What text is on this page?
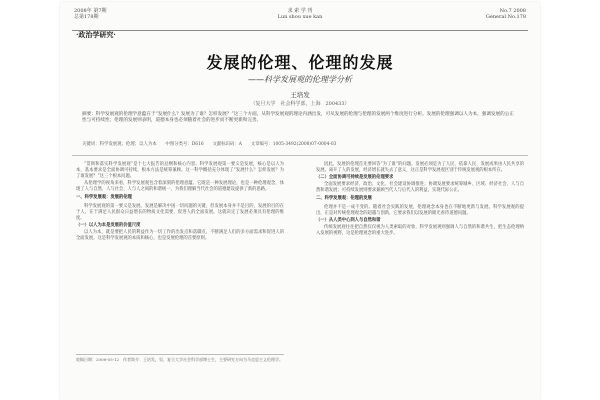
2008年 第7期
总第178期
求 索 学 刊
Lun shou xue kan
No.7 2008
General No.178
·政治学研究·
发展的伦理、伦理的发展
——科学发展观的伦理学分析
王培发
（复旦大学　社会科学部，上海　200433）
摘要：科学发展观的伦理学意蕴在于“发展什么？发展为了谁？怎样发展？”这三个方面。从科学发展观的理论内涵出发，可从发展的伦理与伦理的发展两个维度进行分析。发展的伦理强调以人为本，强调发展的公正性与可持续性；伦理的发展则表明，道德本身也必须随着社会的进步而不断更新和完善。
关键词：科学发展观；伦理；以人为本　　中图分类号：D616　　文献标识码：A　　文章编号：1005-3492(2008)07-0004-03

“贯彻和落实科学发展观”是十七大报告的总纲和核心内容。科学发展观第一要义是发展，核心是以人为本，基本要求是全面协调可持续，根本方法是统筹兼顾。这一科学概括充分体现了“发展什么？怎样发展？为了谁发展？”这三个根本问题。

从伦理学的视角来看，科学发展观包含着深刻的伦理意蕴。它既是一种发展理论，也是一种伦理观念，体现了人与自然、人与社会、人与人之间的和谐统一，为我们理解当代社会的道德建设提供了新的思路。

一、科学发展观：发展的伦理

科学发展观的第一要义是发展。发展是解决中国一切问题的关键，但发展本身并不是目的，发展的目的在于人，在于满足人民群众日益增长的物质文化需要，促进人的全面发展。这就决定了发展必须具有伦理的维度。

（一）以人为本是发展的价值尺度

以人为本，就是要把人民的利益作为一切工作的出发点和落脚点，不断满足人们的多方面需求和促进人的全面发展。这是科学发展观的本质和核心，也是发展伦理的首要原则。

因此，发展的伦理首先要回答“为了谁”的问题。发展必须是为了人民、依靠人民、发展成果由人民共享的发展。离开了人的发展，经济增长就失去了意义，这正是科学发展观区别于传统发展观的根本所在。

（二）全面协调可持续是发展的伦理要求

全面发展要求经济、政治、文化、社会建设协调推进；协调发展要求统筹城乡、区域、经济社会、人与自然和谐发展；可持续发展则要求兼顾当代人与后代人的利益，实现代际公正。

二、科学发展观：伦理的发展

伦理并不是一成不变的。随着社会实践的发展，伦理观念本身也在不断地更新与发展。科学发展观的提出，正是对传统伦理观念的超越与创新，它要求我们以发展的眼光看待道德问题。

（一）从人类中心到人与自然和谐

传统发展观往往把自然仅仅视为人类索取的对象，科学发展观则强调人与自然的和谐共生，把生态伦理纳入发展的视野，这是伦理观念的重大进步。

收稿日期：2008-05-12　作者简介：王培发，男，复旦大学社会科学部博士生，主要研究方向为马克思主义伦理学。
